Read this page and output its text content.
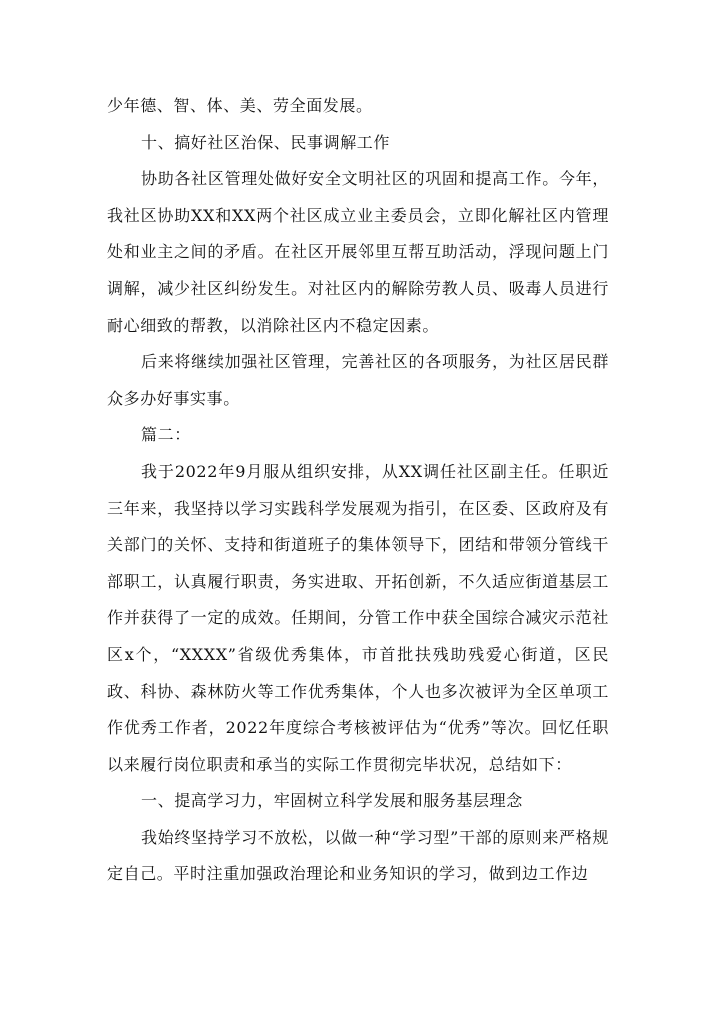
少年德、智、体、美、劳全面发展。

十、搞好社区治保、民事调解工作

协助各社区管理处做好安全文明社区的巩固和提高工作。今年，我社区协助XX和XX两个社区成立业主委员会，立即化解社区内管理处和业主之间的矛盾。在社区开展邻里互帮互助活动，浮现问题上门调解，减少社区纠纷发生。对社区内的解除劳教人员、吸毒人员进行耐心细致的帮教，以消除社区内不稳定因素。

后来将继续加强社区管理，完善社区的各项服务，为社区居民群众多办好事实事。

篇二：

我于2022年9月服从组织安排，从XX调任社区副主任。任职近三年来，我坚持以学习实践科学发展观为指引，在区委、区政府及有关部门的关怀、支持和街道班子的集体领导下，团结和带领分管线干部职工，认真履行职责，务实进取、开拓创新，不久适应街道基层工作并获得了一定的成效。任期间，分管工作中获全国综合减灾示范社区x个，“XXXX”省级优秀集体，市首批扶残助残爱心街道，区民政、科协、森林防火等工作优秀集体，个人也多次被评为全区单项工作优秀工作者，2022年度综合考核被评估为“优秀”等次。回忆任职以来履行岗位职责和承当的实际工作贯彻完毕状况，总结如下：

一、提高学习力，牢固树立科学发展和服务基层理念

我始终坚持学习不放松，以做一种“学习型”干部的原则来严格规定自己。平时注重加强政治理论和业务知识的学习，做到边工作边
